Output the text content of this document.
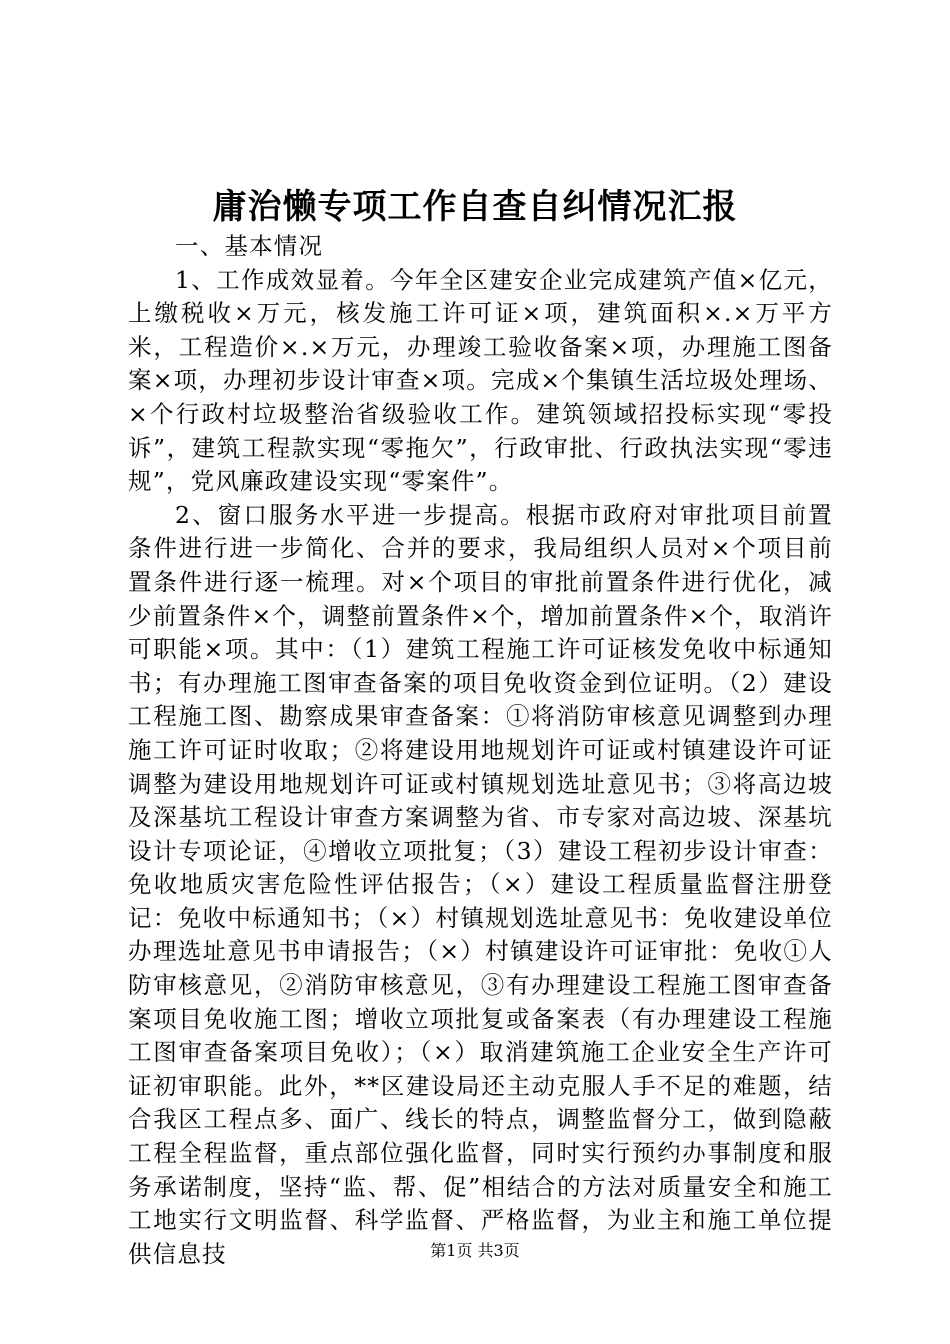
庸治懒专项工作自查自纠情况汇报

一、基本情况

1、工作成效显着。今年全区建安企业完成建筑产值×亿元，上缴税收×万元，核发施工许可证×项，建筑面积×.×万平方米，工程造价×.×万元，办理竣工验收备案×项，办理施工图备案×项，办理初步设计审查×项。完成×个集镇生活垃圾处理场、×个行政村垃圾整治省级验收工作。建筑领域招投标实现“零投诉”，建筑工程款实现“零拖欠”，行政审批、行政执法实现“零违规”，党风廉政建设实现“零案件”。

2、窗口服务水平进一步提高。根据市政府对审批项目前置条件进行进一步简化、合并的要求，我局组织人员对×个项目前置条件进行逐一梳理。对×个项目的审批前置条件进行优化，减少前置条件×个，调整前置条件×个，增加前置条件×个，取消许可职能×项。其中：（1）建筑工程施工许可证核发免收中标通知书；有办理施工图审查备案的项目免收资金到位证明。（2）建设工程施工图、勘察成果审查备案：①将消防审核意见调整到办理施工许可证时收取；②将建设用地规划许可证或村镇建设许可证调整为建设用地规划许可证或村镇规划选址意见书；③将高边坡及深基坑工程设计审查方案调整为省、市专家对高边坡、深基坑设计专项论证，④增收立项批复；（3）建设工程初步设计审查：免收地质灾害危险性评估报告；（×）建设工程质量监督注册登记：免收中标通知书；（×）村镇规划选址意见书：免收建设单位办理选址意见书申请报告；（×）村镇建设许可证审批：免收①人防审核意见，②消防审核意见，③有办理建设工程施工图审查备案项目免收施工图；增收立项批复或备案表（有办理建设工程施工图审查备案项目免收）；（×）取消建筑施工企业安全生产许可证初审职能。此外，**区建设局还主动克服人手不足的难题，结合我区工程点多、面广、线长的特点，调整监督分工，做到隐蔽工程全程监督，重点部位强化监督，同时实行预约办事制度和服务承诺制度，坚持“监、帮、促”相结合的方法对质量安全和施工工地实行文明监督、科学监督、严格监督，为业主和施工单位提供信息技	第1页 共3页
